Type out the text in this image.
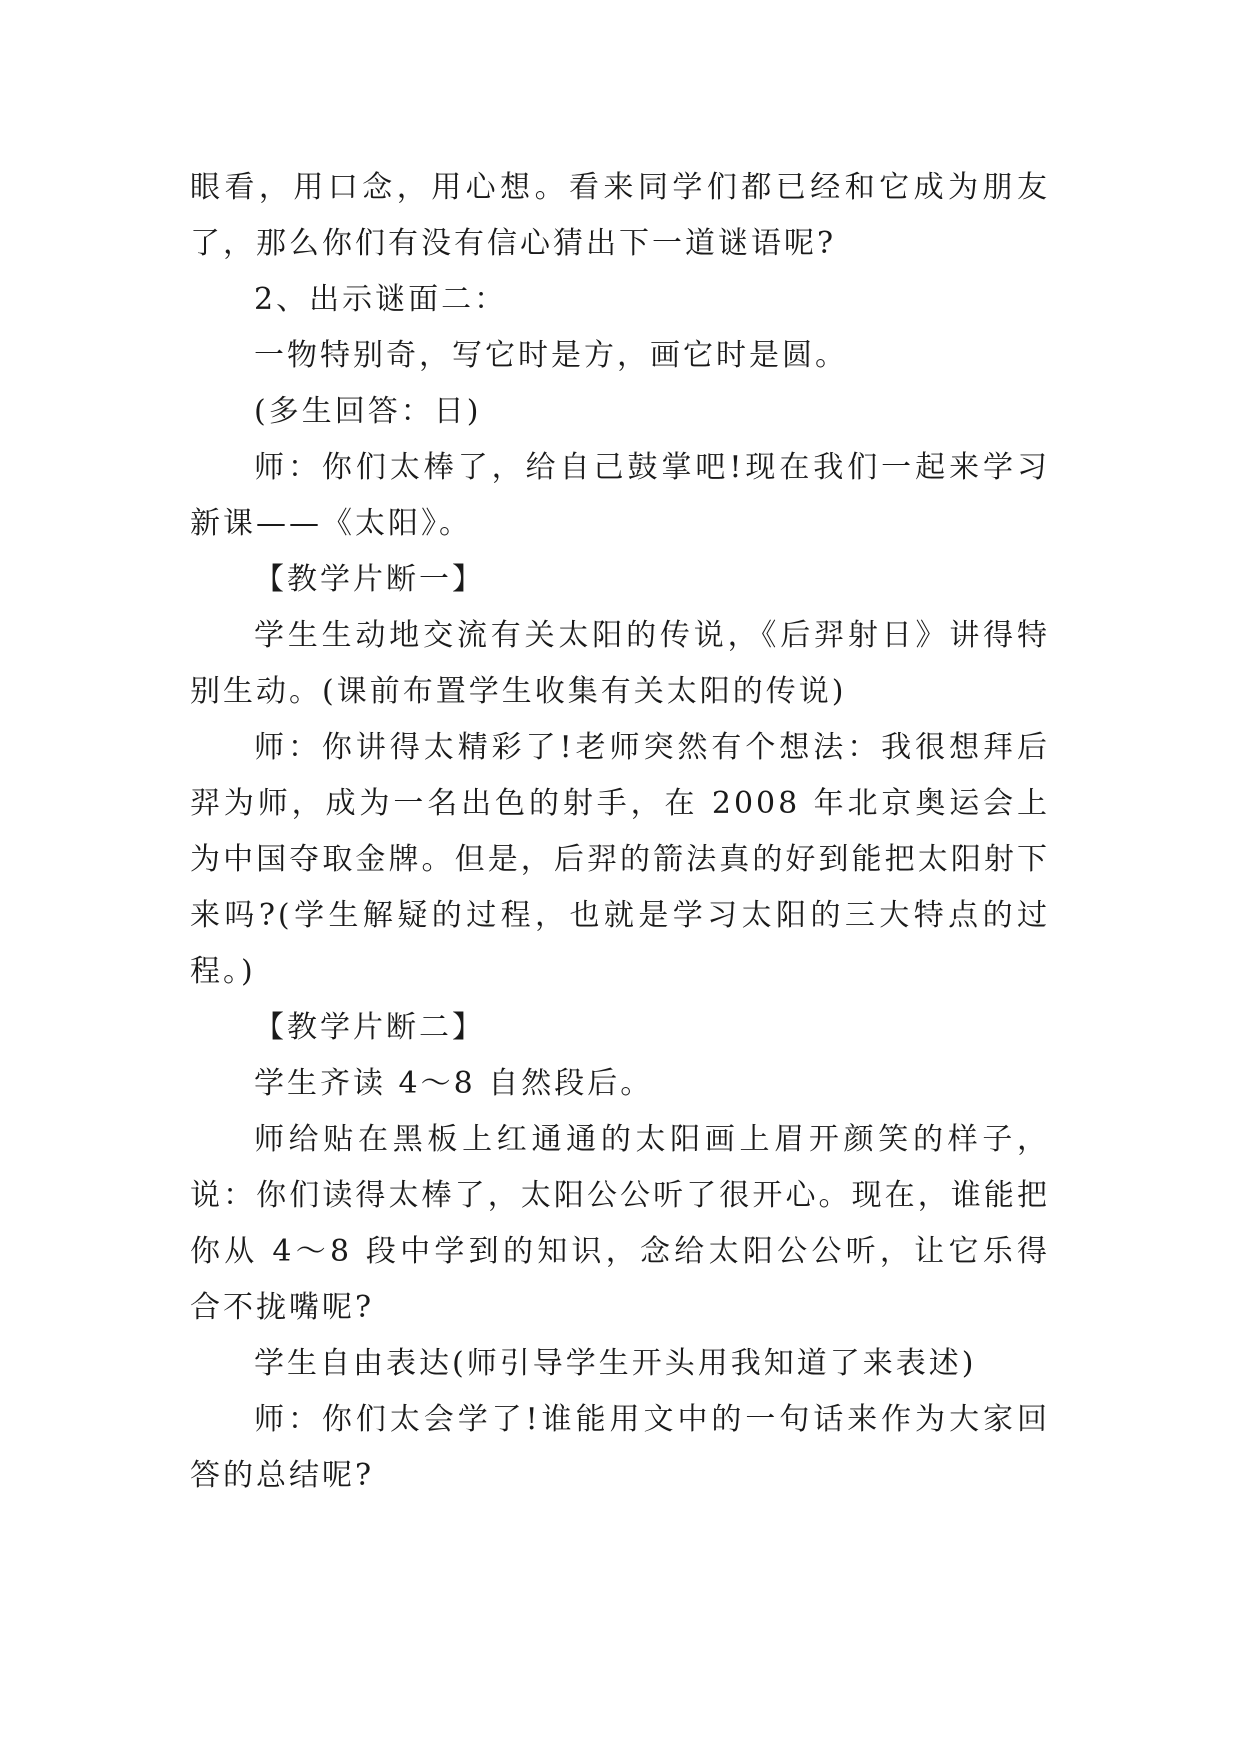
眼看，用口念，用心想。看来同学们都已经和它成为朋友了，那么你们有没有信心猜出下一道谜语呢?

2、出示谜面二：

一物特别奇，写它时是方，画它时是圆。

(多生回答：日)

师：你们太棒了，给自己鼓掌吧!现在我们一起来学习新课——《太阳》。

【教学片断一】

学生生动地交流有关太阳的传说，《后羿射日》讲得特别生动。(课前布置学生收集有关太阳的传说)

师：你讲得太精彩了!老师突然有个想法：我很想拜后羿为师，成为一名出色的射手，在 2008 年北京奥运会上为中国夺取金牌。但是，后羿的箭法真的好到能把太阳射下来吗?(学生解疑的过程，也就是学习太阳的三大特点的过程。)

【教学片断二】

学生齐读 4～8 自然段后。

师给贴在黑板上红通通的太阳画上眉开颜笑的样子，说：你们读得太棒了，太阳公公听了很开心。现在，谁能把你从 4～8 段中学到的知识，念给太阳公公听，让它乐得合不拢嘴呢?

学生自由表达(师引导学生开头用我知道了来表述)

师：你们太会学了!谁能用文中的一句话来作为大家回答的总结呢?
